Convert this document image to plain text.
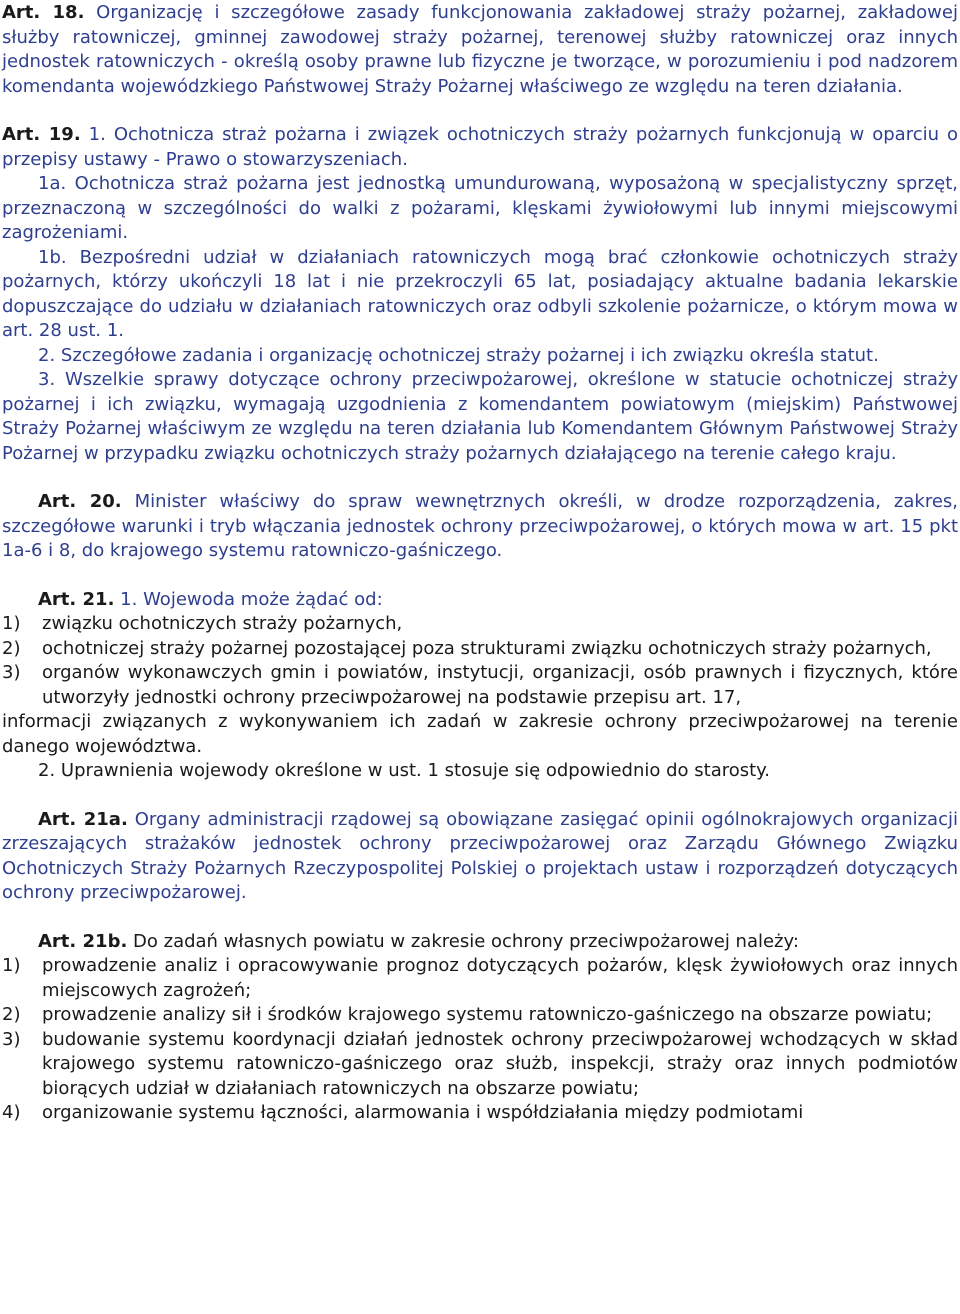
Art. 18. Organizację i szczegółowe zasady funkcjonowania zakładowej straży pożarnej, zakładowej służby ratowniczej, gminnej zawodowej straży pożarnej, terenowej służby ratowniczej oraz innych jednostek ratowniczych - określą osoby prawne lub fizyczne je tworzące, w porozumieniu i pod nadzorem komendanta wojewódzkiego Państwowej Straży Pożarnej właściwego ze względu na teren działania.

Art. 19. 1. Ochotnicza straż pożarna i związek ochotniczych straży pożarnych funkcjonują w oparciu o przepisy ustawy - Prawo o stowarzyszeniach.

1a. Ochotnicza straż pożarna jest jednostką umundurowaną, wyposażoną w specjalistyczny sprzęt, przeznaczoną w szczególności do walki z pożarami, klęskami żywiołowymi lub innymi miejscowymi zagrożeniami.

1b. Bezpośredni udział w działaniach ratowniczych mogą brać członkowie ochotniczych straży pożarnych, którzy ukończyli 18 lat i nie przekroczyli 65 lat, posiadający aktualne badania lekarskie dopuszczające do udziału w działaniach ratowniczych oraz odbyli szkolenie pożarnicze, o którym mowa w art. 28 ust. 1.

2. Szczegółowe zadania i organizację ochotniczej straży pożarnej i ich związku określa statut.

3. Wszelkie sprawy dotyczące ochrony przeciwpożarowej, określone w statucie ochotniczej straży pożarnej i ich związku, wymagają uzgodnienia z komendantem powiatowym (miejskim) Państwowej Straży Pożarnej właściwym ze względu na teren działania lub Komendantem Głównym Państwowej Straży Pożarnej w przypadku związku ochotniczych straży pożarnych działającego na terenie całego kraju.

Art. 20. Minister właściwy do spraw wewnętrznych określi, w drodze rozporządzenia, zakres, szczegółowe warunki i tryb włączania jednostek ochrony przeciwpożarowej, o których mowa w art. 15 pkt 1a-6 i 8, do krajowego systemu ratowniczo-gaśniczego.

Art. 21. 1. Wojewoda może żądać od:

1)	związku ochotniczych straży pożarnych,
2)	ochotniczej straży pożarnej pozostającej poza strukturami związku ochotniczych straży pożarnych,
3)	organów wykonawczych gmin i powiatów, instytucji, organizacji, osób prawnych i fizycznych, które utworzyły jednostki ochrony przeciwpożarowej na podstawie przepisu art. 17,

informacji związanych z wykonywaniem ich zadań w zakresie ochrony przeciwpożarowej na terenie danego województwa.

2. Uprawnienia wojewody określone w ust. 1 stosuje się odpowiednio do starosty.

Art. 21a. Organy administracji rządowej są obowiązane zasięgać opinii ogólnokrajowych organizacji zrzeszających strażaków jednostek ochrony przeciwpożarowej oraz Zarządu Głównego Związku Ochotniczych Straży Pożarnych Rzeczypospolitej Polskiej o projektach ustaw i rozporządzeń dotyczących ochrony przeciwpożarowej.

Art. 21b. Do zadań własnych powiatu w zakresie ochrony przeciwpożarowej należy:

1)	prowadzenie analiz i opracowywanie prognoz dotyczących pożarów, klęsk żywiołowych oraz innych miejscowych zagrożeń;
2)	prowadzenie analizy sił i środków krajowego systemu ratowniczo-gaśniczego na obszarze powiatu;
3)	budowanie systemu koordynacji działań jednostek ochrony przeciwpożarowej wchodzących w skład krajowego systemu ratowniczo-gaśniczego oraz służb, inspekcji, straży oraz innych podmiotów biorących udział w działaniach ratowniczych na obszarze powiatu;
4)	organizowanie systemu łączności, alarmowania i współdziałania między podmiotami
